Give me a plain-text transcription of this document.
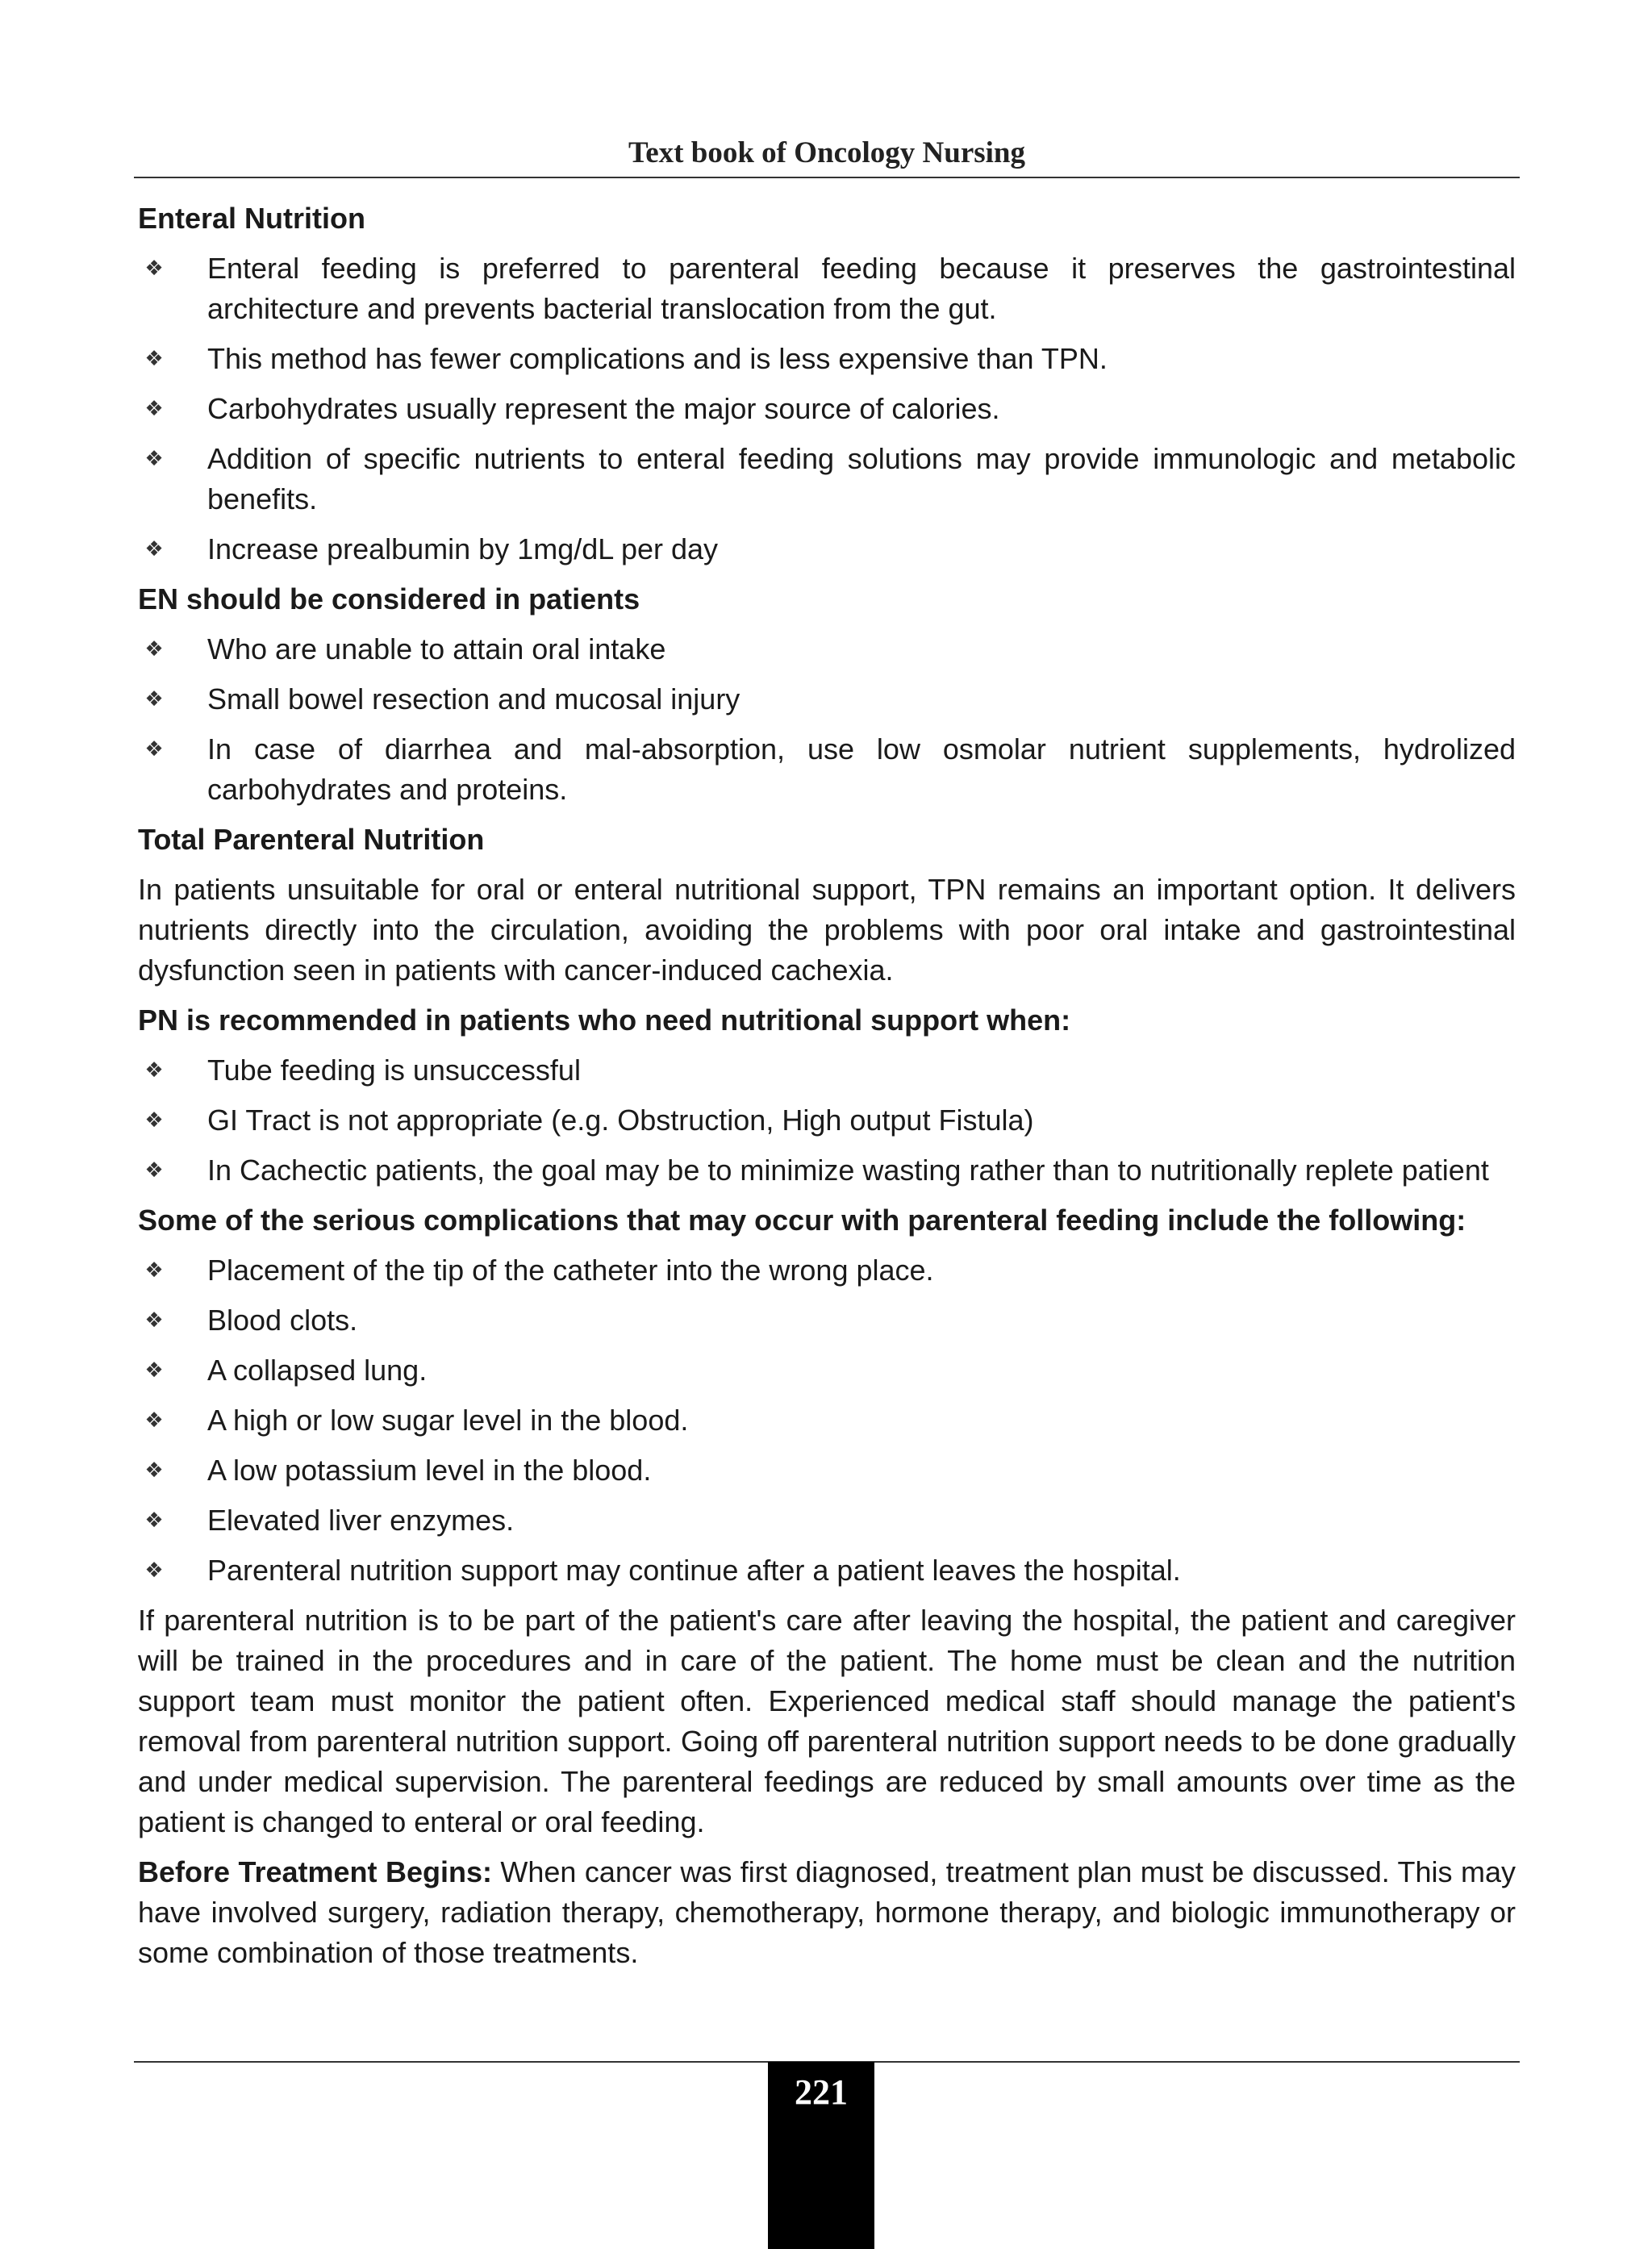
Text book of Oncology Nursing
Enteral Nutrition
❖ Enteral feeding is preferred to parenteral feeding because it preserves the gastrointestinal architecture and prevents bacterial translocation from the gut.
❖ This method has fewer complications and is less expensive than TPN.
❖ Carbohydrates usually represent the major source of calories.
❖ Addition of specific nutrients to enteral feeding solutions may provide immunologic and metabolic benefits.
❖ Increase prealbumin by 1mg/dL per day
EN should be considered in patients
❖ Who are unable to attain oral intake
❖ Small bowel resection and mucosal injury
❖ In case of diarrhea and mal-absorption, use low osmolar nutrient supplements, hydrolized carbohydrates and proteins.
Total Parenteral Nutrition

In patients unsuitable for oral or enteral nutritional support, TPN remains an important option. It delivers nutrients directly into the circulation, avoiding the problems with poor oral intake and gastrointestinal dysfunction seen in patients with cancer-induced cachexia.

PN is recommended in patients who need nutritional support when:
❖ Tube feeding is unsuccessful
❖ GI Tract is not appropriate (e.g. Obstruction, High output Fistula)
❖ In Cachectic patients, the goal may be to minimize wasting rather than to nutritionally replete patient
Some of the serious complications that may occur with parenteral feeding include the following:
❖ Placement of the tip of the catheter into the wrong place.
❖ Blood clots.
❖ A collapsed lung.
❖ A high or low sugar level in the blood.
❖ A low potassium level in the blood.
❖ Elevated liver enzymes.
❖ Parenteral nutrition support may continue after a patient leaves the hospital.

If parenteral nutrition is to be part of the patient's care after leaving the hospital, the patient and caregiver will be trained in the procedures and in care of the patient. The home must be clean and the nutrition support team must monitor the patient often. Experienced medical staff should manage the patient's removal from parenteral nutrition support. Going off parenteral nutrition support needs to be done gradually and under medical supervision. The parenteral feedings are reduced by small amounts over time as the patient is changed to enteral or oral feeding.

Before Treatment Begins: When cancer was first diagnosed, treatment plan must be discussed. This may have involved surgery, radiation therapy, chemotherapy, hormone therapy, and biologic immunotherapy or some combination of those treatments.

221
